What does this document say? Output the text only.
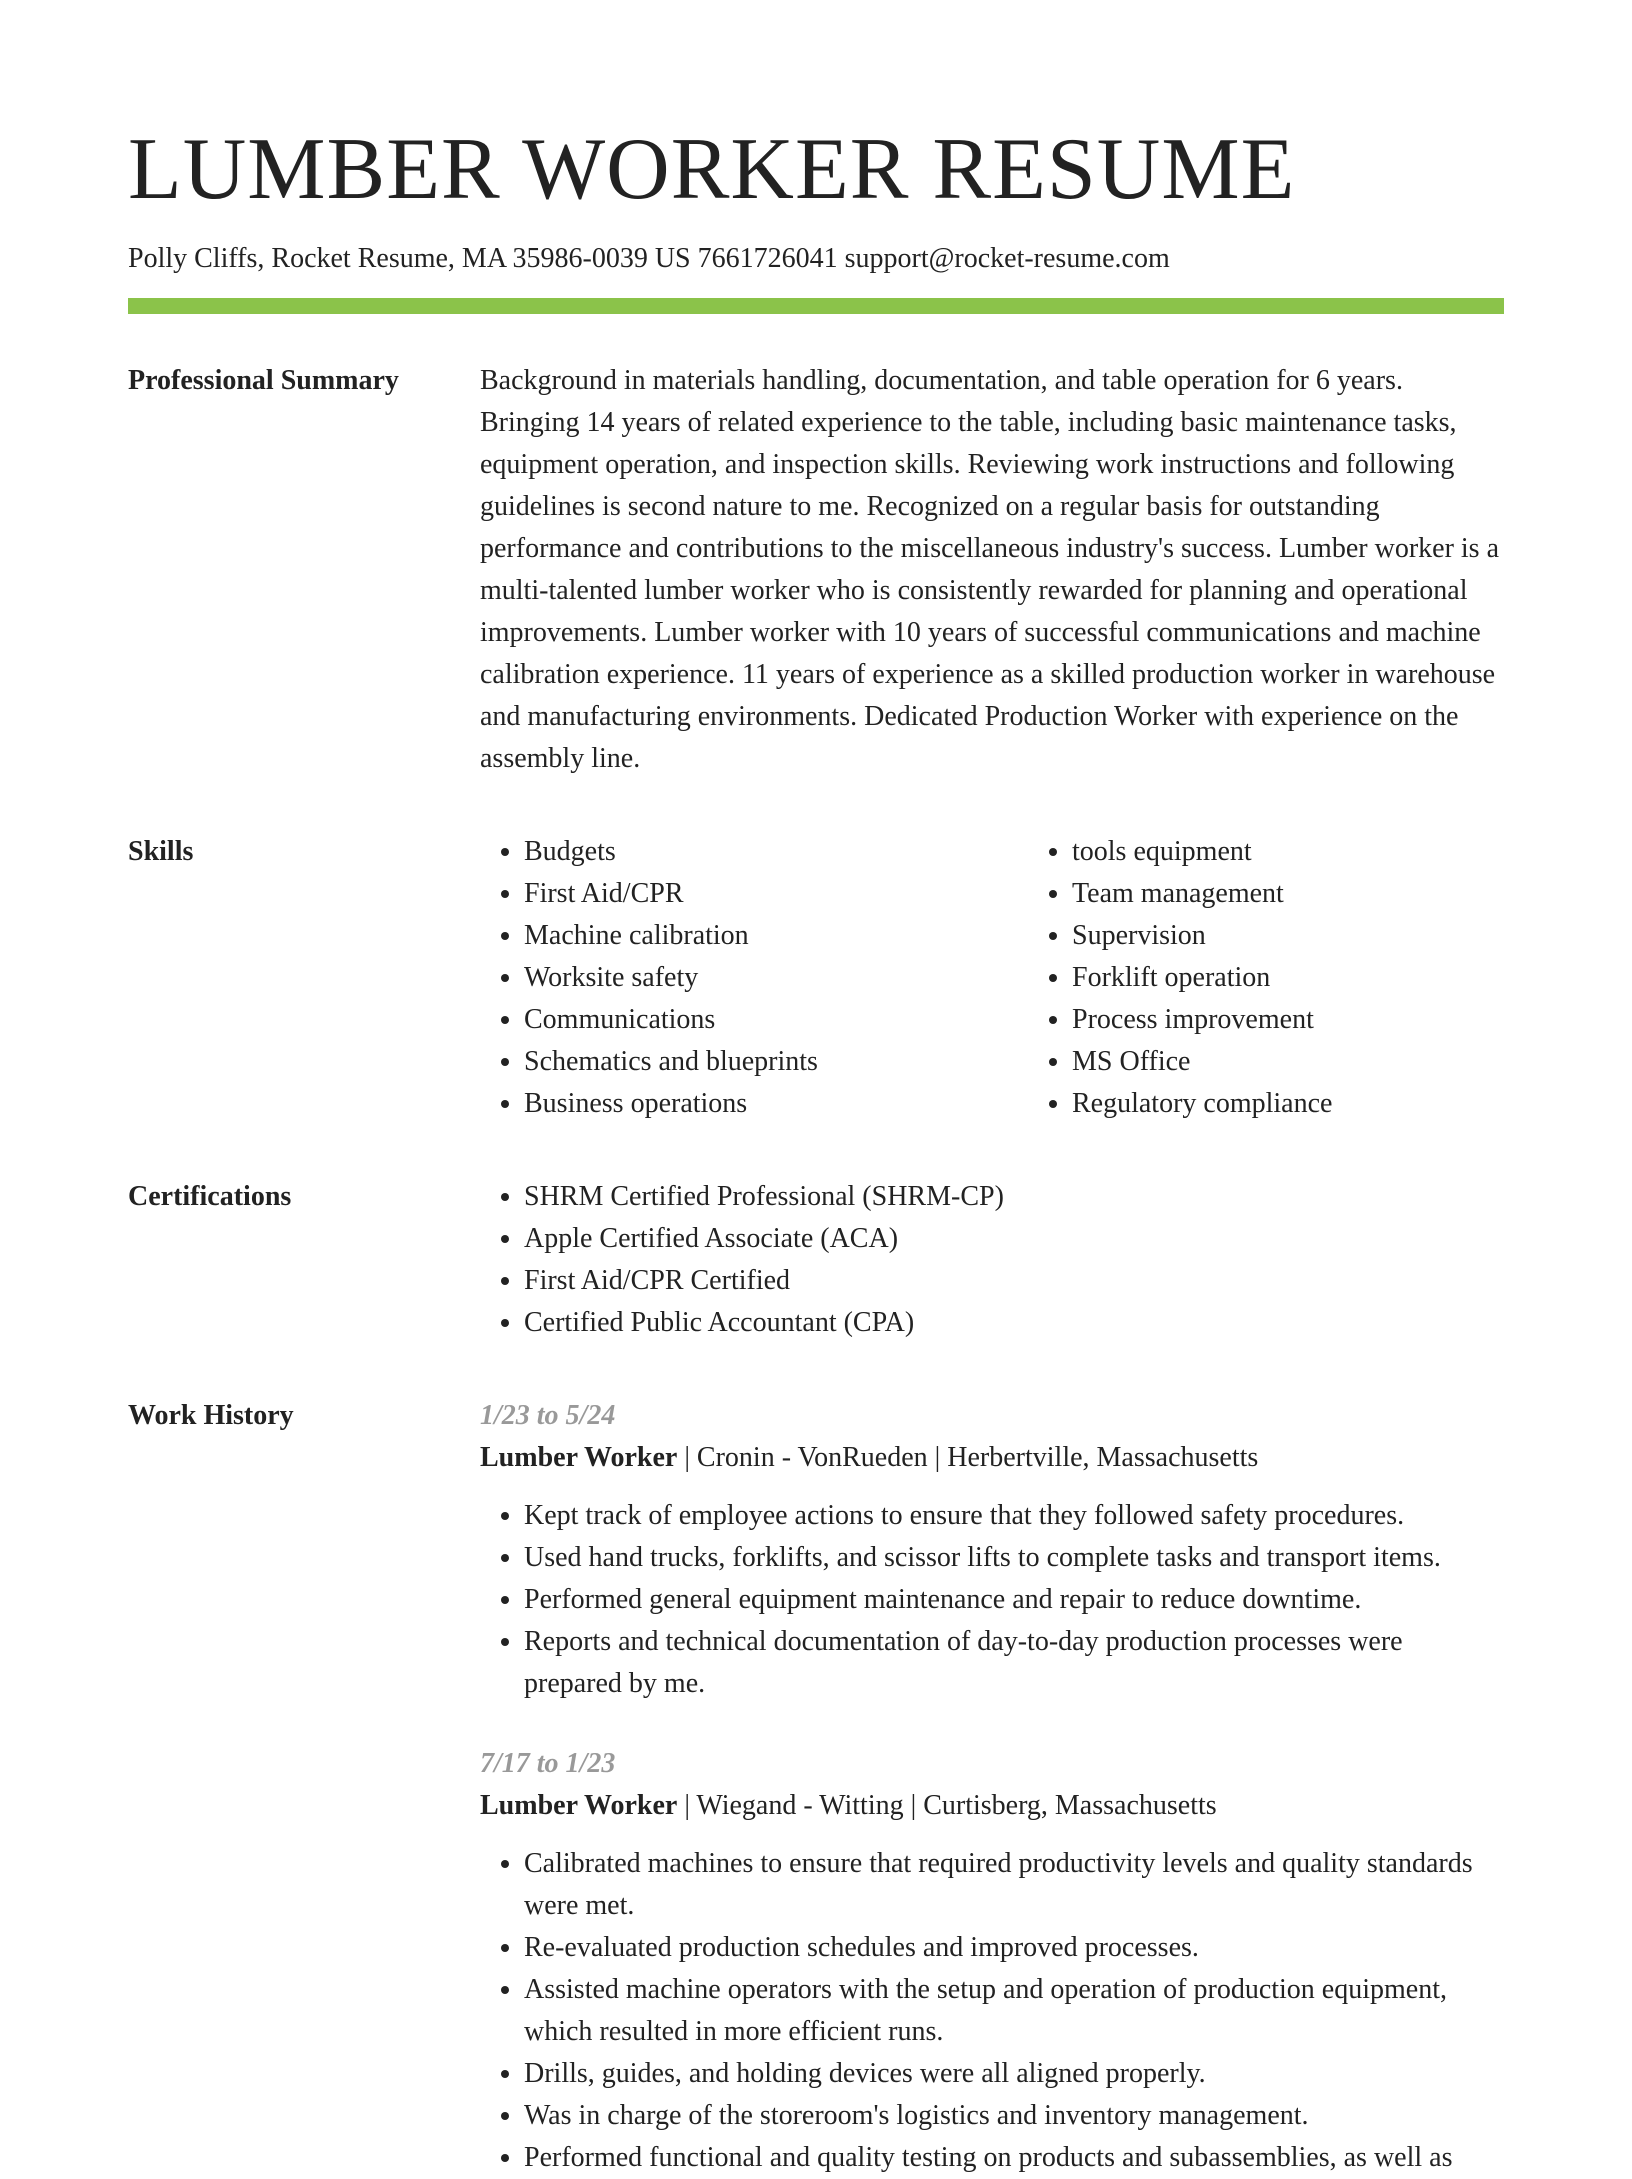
LUMBER WORKER RESUME
Polly Cliffs, Rocket Resume, MA 35986-0039 US 7661726041 support@rocket-resume.com
Professional Summary	Background in materials handling, documentation, and table operation for 6 years. Bringing 14 years of related experience to the table, including basic maintenance tasks, equipment operation, and inspection skills. Reviewing work instructions and following guidelines is second nature to me. Recognized on a regular basis for outstanding performance and contributions to the miscellaneous industry's success. Lumber worker is a multi-talented lumber worker who is consistently rewarded for planning and operational improvements. Lumber worker with 10 years of successful communications and machine calibration experience. 11 years of experience as a skilled production worker in warehouse and manufacturing environments. Dedicated Production Worker with experience on the assembly line.

Skills	• Budgets
• First Aid/CPR
• Machine calibration
• Worksite safety
• Communications
• Schematics and blueprints
• Business operations
• tools equipment
• Team management
• Supervision
• Forklift operation
• Process improvement
• MS Office
• Regulatory compliance
Certifications	• SHRM Certified Professional (SHRM-CP)
• Apple Certified Associate (ACA)
• First Aid/CPR Certified
• Certified Public Accountant (CPA)
Work History	1/23 to 5/24
Lumber Worker | Cronin - VonRueden | Herbertville, Massachusetts
• Kept track of employee actions to ensure that they followed safety procedures.
• Used hand trucks, forklifts, and scissor lifts to complete tasks and transport items.
• Performed general equipment maintenance and repair to reduce downtime.
• Reports and technical documentation of day-to-day production processes were prepared by me.
7/17 to 1/23
Lumber Worker | Wiegand - Witting | Curtisberg, Massachusetts
• Calibrated machines to ensure that required productivity levels and quality standards were met.
• Re-evaluated production schedules and improved processes.
• Assisted machine operators with the setup and operation of production equipment, which resulted in more efficient runs.
• Drills, guides, and holding devices were all aligned properly.
• Was in charge of the storeroom's logistics and inventory management.
• Performed functional and quality testing on products and subassemblies, as well as
